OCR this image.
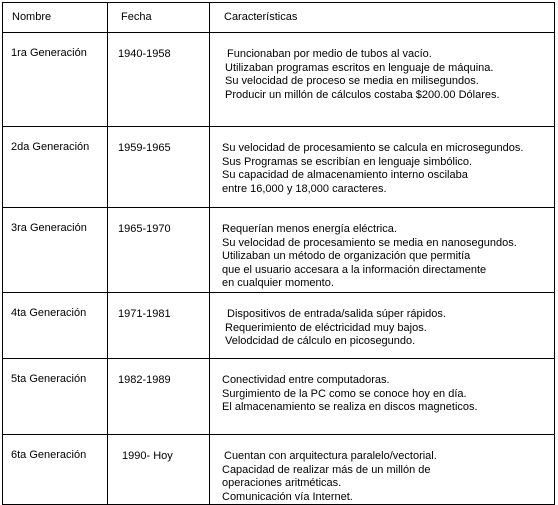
Nombre	Fecha	Características
1ra Generación	1940-1958	Funcionaban por medio de tubos al vacío.
Utilizaban programas escritos en lenguaje de máquina.
Su velocidad de proceso se media en milisegundos.
Producir un millón de cálculos costaba $200.00 Dólares.

2da Generación	1959-1965	Su velocidad de procesamiento se calcula en microsegundos.
Sus Programas se escribían en lenguaje simbólico.
Su capacidad de almacenamiento interno oscilaba
entre 16,000 y 18,000 caracteres.

3ra Generación	1965-1970	Requerían menos energía eléctrica.
Su velocidad de procesamiento se media en nanosegundos.
Utilizaban un método de organización que permitía
que el usuario accesara a la información directamente
en cualquier momento.

4ta Generación	1971-1981	Dispositivos de entrada/salida súper rápidos.
Requerimiento de eléctricidad muy bajos.
Velodcidad de cálculo en picosegundo.

5ta Generación	1982-1989	Conectividad entre computadoras.
Surgimiento de la PC como se conoce hoy en día.
El almacenamiento se realiza en discos magneticos.

6ta Generación	1990- Hoy	Cuentan con arquitectura paralelo/vectorial.
Capacidad de realizar más de un millón de
operaciones aritméticas.
Comunicación vía Internet.
